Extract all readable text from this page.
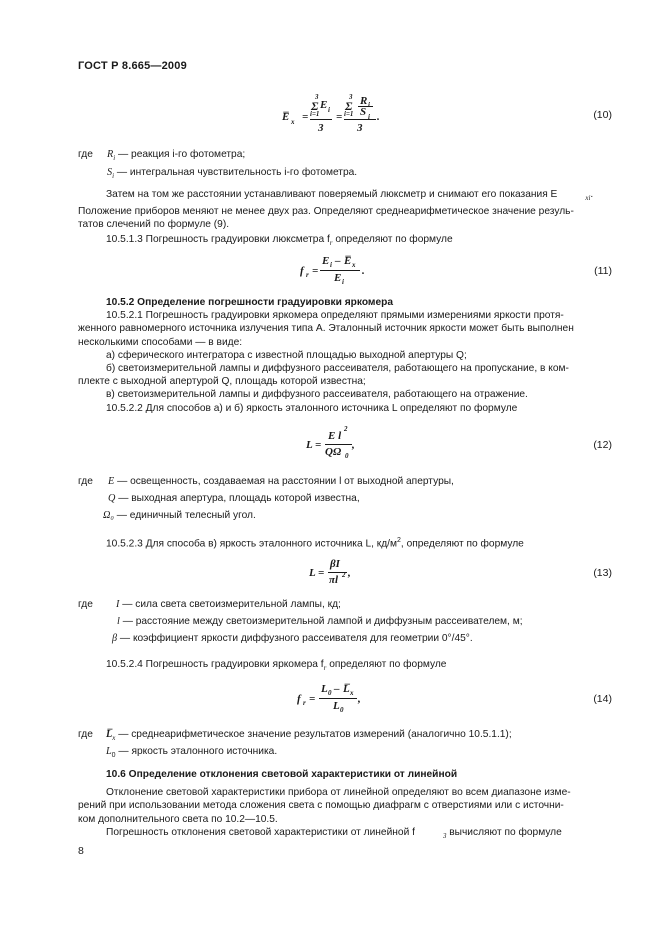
ГОСТ Р 8.665—2009
E̅ x =
3
Σ E i
i=1
3
=
3
Σ R i
S i
i=1
3
.	(10)
где $R_i$ — реакция i-го фотометра;
$S_i$ — интегральная чувствительность i-го фотометра.

Затем на том же расстоянии устанавливают поверяемый люксметр и снимают его показания E	$_{xi}$.

Положение приборов меняют не менее двух раз. Определяют среднеарифметическое значение резуль-

татов слечений по формуле (9).

10.5.1.3 Погрешность градуировки люксметра $f_r$ определяют по формуле
f r =
E i – E̅ x
E i
.	(11)

10.5.2 Определение погрешности градуировки яркомера

10.5.2.1 Погрешность градуировки яркомера определяют прямыми измерениями яркости протя-

женного равномерного источника излучения типа А. Эталонный источник яркости может быть выполнен

несколькими способами — в виде:

а) сферического интегратора с известной площадью выходной апертуры Q;

б) светоизмерительной лампы и диффузного рассеивателя, работающего на пропускание, в ком-

плекте с выходной апертурой Q, площадь которой известна;

в) светоизмерительной лампы и диффузного рассеивателя, работающего на отражение.

10.5.2.2 Для способов а) и б) яркость эталонного источника L определяют по формуле

L =
E l
2
QΩ 0
,	(12)
где E — освещенность, создаваемая на расстоянии l от выходной апертуры,
Q — выходная апертура, площадь которой известна,
Ω₀ — единичный телесный угол.
10.5.2.3 Для способа в) яркость эталонного источника L, $кд/м^2$, определяют по формуле
L =
βI
πl 2 ,	(13)
где I — сила света светоизмерительной лампы, кд;
l — расстояние между светоизмерительной лампой и диффузным рассеивателем, м;
β — коэффициент яркости диффузного рассеивателя для геометрии 0°/45°.
10.5.2.4 Погрешность градуировки яркомера $f_r$ определяют по формуле
f r =
L 0 – L̅ x
L 0
,	(14)
где $L̅_x$ — среднеарифметическое значение результатов измерений (аналогично 10.5.1.1);
$L_0$ — яркость эталонного источника.

10.6 Определение отклонения световой характеристики от линейной

Отклонение световой характеристики прибора от линейной определяют во всем диапазоне изме-

рений при использовании метода сложения света с помощью диафрагм с отверстиями или с источни-

ком дополнительного света по 10.2—10.5.

Погрешность отклонения световой характеристики от линейной f	$_3$ вычисляют по формуле

8
